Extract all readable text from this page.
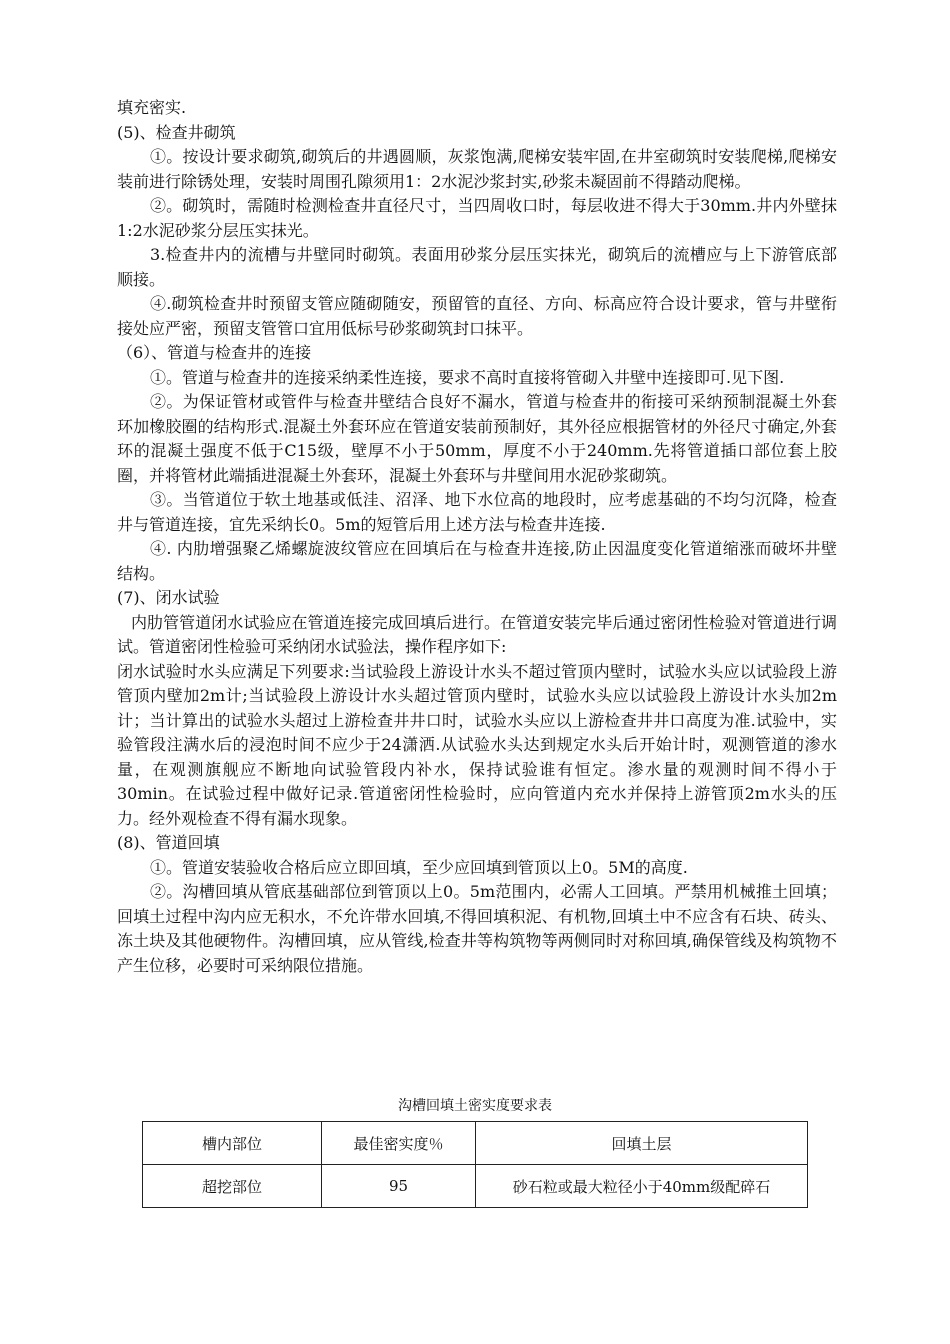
填充密实.

(5)、检查井砌筑

①。按设计要求砌筑,砌筑后的井遇圆顺，灰浆饱满,爬梯安装牢固,在井室砌筑时安装爬梯,爬梯安装前进行除锈处理，安装时周围孔隙须用1：2水泥沙浆封实,砂浆未凝固前不得踏动爬梯。

②。砌筑时，需随时检测检查井直径尺寸，当四周收口时，每层收进不得大于30mm.井内外壁抹1:2水泥砂浆分层压实抹光。

3.检查井内的流槽与井壁同时砌筑。表面用砂浆分层压实抹光，砌筑后的流槽应与上下游管底部顺接。

④.砌筑检查井时预留支管应随砌随安，预留管的直径、方向、标高应符合设计要求，管与井壁衔接处应严密，预留支管管口宜用低标号砂浆砌筑封口抹平。

（6）、管道与检查井的连接

①。管道与检查井的连接采纳柔性连接，要求不高时直接将管砌入井壁中连接即可.见下图.

②。为保证管材或管件与检查井壁结合良好不漏水，管道与检查井的衔接可采纳预制混凝土外套环加橡胶圈的结构形式.混凝土外套环应在管道安装前预制好，其外径应根据管材的外径尺寸确定,外套环的混凝土强度不低于C15级，壁厚不小于50mm，厚度不小于240mm.先将管道插口部位套上胶圈，并将管材此端插进混凝土外套环，混凝土外套环与井壁间用水泥砂浆砌筑。

③。当管道位于软土地基或低洼、沼泽、地下水位高的地段时，应考虑基础的不均匀沉降，检查井与管道连接，宜先采纳长0。5m的短管后用上述方法与检查井连接.

④. 内肋增强聚乙烯螺旋波纹管应在回填后在与检查井连接,防止因温度变化管道缩涨而破坏井壁结构。

(7)、闭水试验

内肋管管道闭水试验应在管道连接完成回填后进行。在管道安装完毕后通过密闭性检验对管道进行调试。管道密闭性检验可采纳闭水试验法，操作程序如下:

闭水试验时水头应满足下列要求:当试验段上游设计水头不超过管顶内壁时，试验水头应以试验段上游管顶内壁加2m计;当试验段上游设计水头超过管顶内壁时，试验水头应以试验段上游设计水头加2m计；当计算出的试验水头超过上游检查井井口时，试验水头应以上游检查井井口高度为准.试验中，实验管段注满水后的浸泡时间不应少于24潇洒.从试验水头达到规定水头后开始计时，观测管道的渗水量，在观测旗舰应不断地向试验管段内补水，保持试验谁有恒定。渗水量的观测时间不得小于30min。在试验过程中做好记录.管道密闭性检验时，应向管道内充水并保持上游管顶2m水头的压力。经外观检查不得有漏水现象。

(8)、管道回填

①。管道安装验收合格后应立即回填，至少应回填到管顶以上0。5M的高度.

②。沟槽回填从管底基础部位到管顶以上0。5m范围内，必需人工回填。严禁用机械推土回填；回填土过程中沟内应无积水，不允许带水回填,不得回填积泥、有机物,回填土中不应含有石块、砖头、冻土块及其他硬物件。沟槽回填，应从管线,检查井等构筑物等两侧同时对称回填,确保管线及构筑物不产生位移，必要时可采纳限位措施。

沟槽回填土密实度要求表
槽内部位	最佳密实度％	回填土层
超挖部位	95	砂石粒或最大粒径小于40mm级配碎石
